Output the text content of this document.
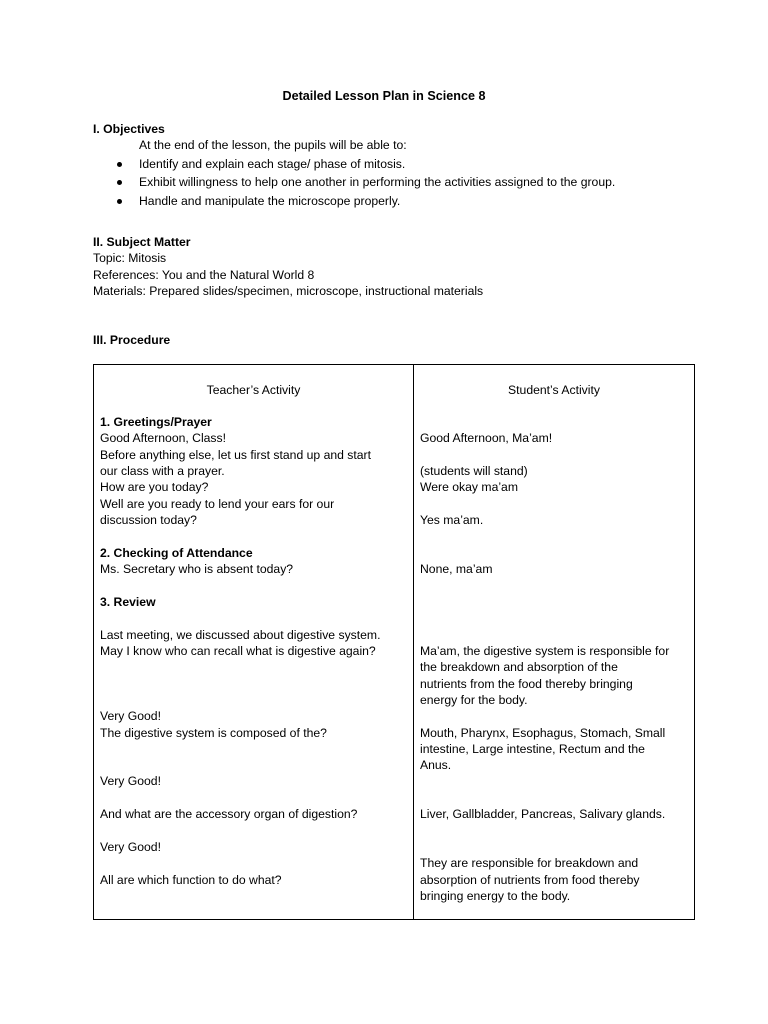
Detailed Lesson Plan in Science 8
I. Objectives
At the end of the lesson, the pupils will be able to:
Identify and explain each stage/ phase of mitosis.
Exhibit willingness to help one another in performing the activities assigned to the group.
Handle and manipulate the microscope properly.
II. Subject Matter
Topic: Mitosis
References: You and the Natural World 8
Materials: Prepared slides/specimen, microscope, instructional materials
III. Procedure
Teacher’s Activity	Student’s Activity
1. Greetings/Prayer
Good Afternoon, Class!
Before anything else, let us first stand up and start
our class with a prayer.
How are you today?
Well are you ready to lend your ears for our
discussion today?
2. Checking of Attendance
Ms. Secretary who is absent today?
3. Review
Last meeting, we discussed about digestive system.
May I know who can recall what is digestive again?
Very Good!
The digestive system is composed of the?
Very Good!
And what are the accessory organ of digestion?
Very Good!
All are which function to do what?
Good Afternoon, Ma’am!
(students will stand)
Were okay ma’am
Yes ma’am.
None, ma’am
Ma’am, the digestive system is responsible for
the breakdown and absorption of the
nutrients from the food thereby bringing
energy for the body.
Mouth, Pharynx, Esophagus, Stomach, Small
intestine, Large intestine, Rectum and the
Anus.
Liver, Gallbladder, Pancreas, Salivary glands.
They are responsible for breakdown and
absorption of nutrients from food thereby
bringing energy to the body.
